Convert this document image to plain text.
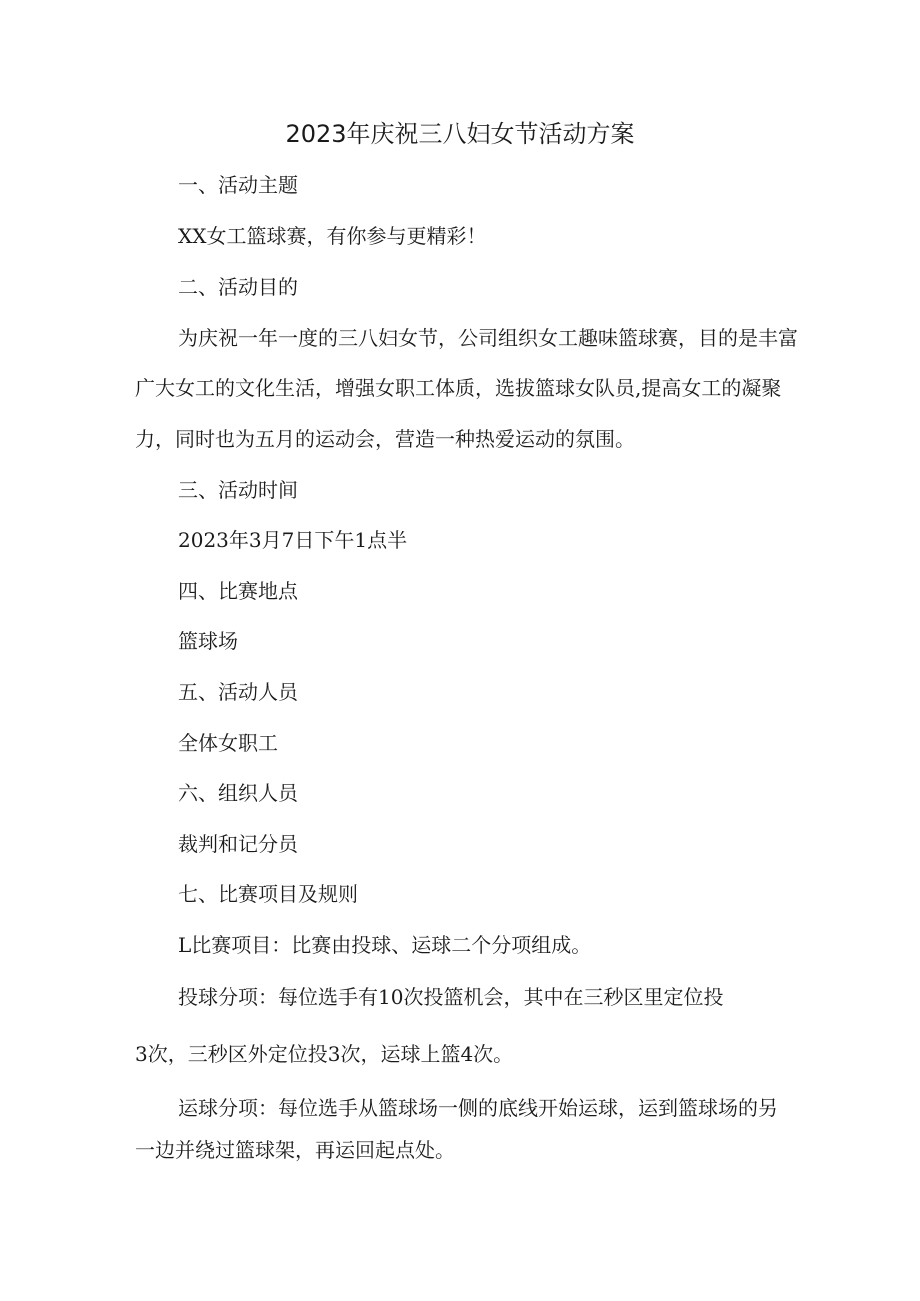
2023年庆祝三八妇女节活动方案

一、活动主题

XX女工篮球赛，有你参与更精彩！

二、活动目的

为庆祝一年一度的三八妇女节，公司组织女工趣味篮球赛，目的是丰富

广大女工的文化生活，增强女职工体质，选拔篮球女队员,提高女工的凝聚

力，同时也为五月的运动会，营造一种热爱运动的氛围。

三、活动时间

2023年3月7日下午1点半

四、比赛地点

篮球场

五、活动人员

全体女职工

六、组织人员

裁判和记分员

七、比赛项目及规则

L比赛项目：比赛由投球、运球二个分项组成。

投球分项：每位选手有10次投篮机会，其中在三秒区里定位投

3次，三秒区外定位投3次，运球上篮4次。

运球分项：每位选手从篮球场一侧的底线开始运球，运到篮球场的另

一边并绕过篮球架，再运回起点处。
